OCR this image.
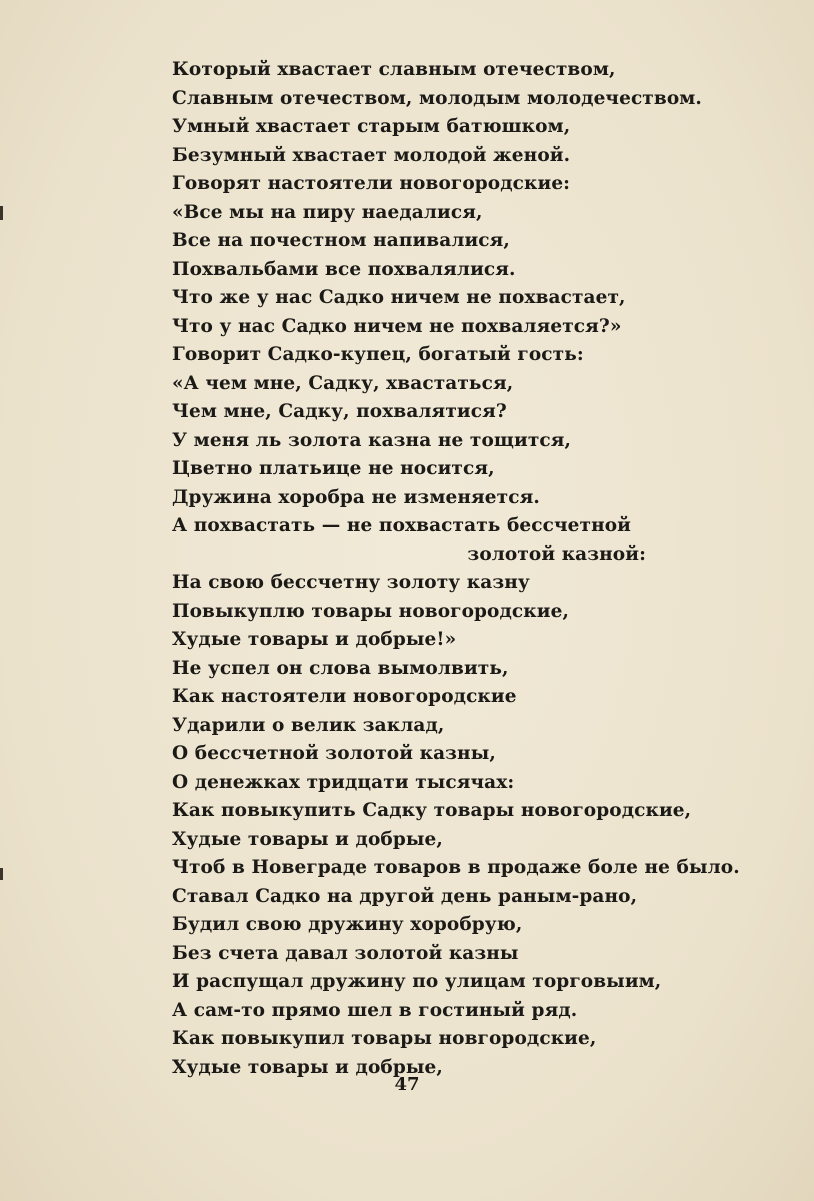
Который хвастает славным отечеством,
Славным отечеством, молодым молодечеством.
Умный хвастает старым батюшком,
Безумный хвастает молодой женой.
Говорят настоятели новогородские:
«Все мы на пиру наедалися,
Все на почестном напивалися,
Похвальбами все похвалялися.
Что же у нас Садко ничем не похвастает,
Что у нас Садко ничем не похваляется?»
Говорит Садко-купец, богатый гость:
«А чем мне, Садку, хвастаться,
Чем мне, Садку, похвалятися?
У меня ль золота казна не тощится,
Цветно платьице не носится,
Дружина хоробра не изменяется.
А похвастать — не похвастать бессчетной
золотой казной:
На свою бессчетну золоту казну
Повыкуплю товары новогородские,
Худые товары и добрые!»
Не успел он слова вымолвить,
Как настоятели новогородские
Ударили о велик заклад,
О бессчетной золотой казны,
О денежках тридцати тысячах:
Как повыкупить Садку товары новогородские,
Худые товары и добрые,
Чтоб в Новеграде товаров в продаже боле не было.
Ставал Садко на другой день раным-рано,
Будил свою дружину хоробрую,
Без счета давал золотой казны
И распущал дружину по улицам торговыим,
А сам-то прямо шел в гостиный ряд.
Как повыкупил товары новгородские,
Худые товары и добрые,
47
